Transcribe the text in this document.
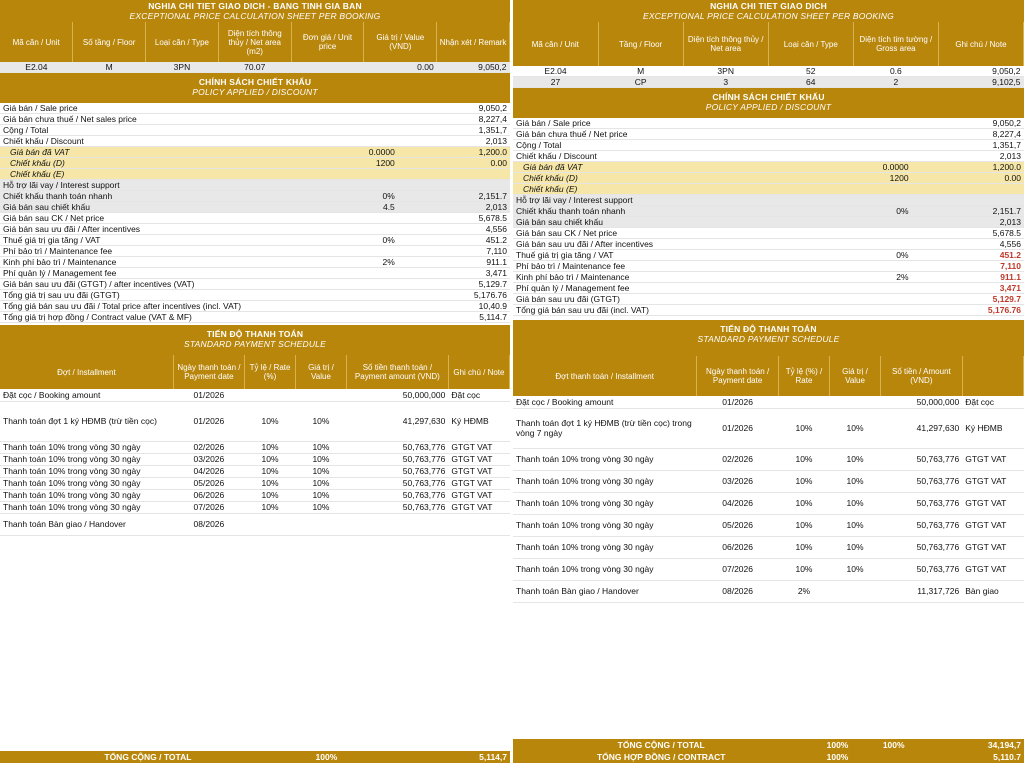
NGHIA CHI TIET GIAO DICH - BANG TINH GIA BAN
EXCEPTIONAL PRICE CALCULATION SHEET PER BOOKING
Mã căn / Unit	Số tầng / Floor	Loại căn / Type	Diện tích thông thủy / Net area (m2)	Đơn giá / Unit price	Giá trị / Value (VND)	Nhận xét / Remark
E2.04	M	3PN	70.07		0.00	9,050,2
CHÍNH SÁCH CHIẾT KHẤU
POLICY APPLIED / DISCOUNT
Giá bán / Sale price		9,050,2
Giá bán chưa thuế / Net sales price		8,227,4
Cộng / Total		1,351,7
Chiết khấu / Discount		2,013
Giá bán đã VAT	0.0000	1,200.0
Chiết khấu (D)	1200	0.00
Chiết khấu (E)		
Hỗ trợ lãi vay / Interest support		
Chiết khấu thanh toán nhanh	0%	2,151.7
Giá bán sau chiết khấu	4.5	2,013
Giá bán sau CK / Net price		5,678.5
Giá bán sau ưu đãi / After incentives		4,556
Thuế giá trị gia tăng / VAT	0%	451.2
Phí bảo trì / Maintenance fee		7,110
Kinh phí bảo trì / Maintenance	2%	911.1
Phí quản lý / Management fee		3,471
Giá bán sau ưu đãi (GTGT) / after incentives (VAT)		5,129.7
Tổng giá trị sau ưu đãi (GTGT)		5,176.76
Tổng giá bán sau ưu đãi / Total price after incentives (incl. VAT)		10,40.9
Tổng giá trị hợp đồng / Contract value (VAT & MF)		5,114.7
TIẾN ĐỘ THANH TOÁN
STANDARD PAYMENT SCHEDULE
Đợt / Installment	Ngày thanh toán / Payment date	Tỷ lệ / Rate (%)	Giá trị / Value	Số tiền thanh toán / Payment amount (VND)	Ghi chú / Note
Đặt cọc / Booking amount	01/2026			50,000,000	Đặt cọc
Thanh toán đợt 1 ký HĐMB (trừ tiền cọc)	01/2026	10%	10%	41,297,630	Ký HĐMB
Thanh toán 10% trong vòng 30 ngày	02/2026	10%	10%	50,763,776	GTGT VAT
Thanh toán 10% trong vòng 30 ngày	03/2026	10%	10%	50,763,776	GTGT VAT
Thanh toán 10% trong vòng 30 ngày	04/2026	10%	10%	50,763,776	GTGT VAT
Thanh toán 10% trong vòng 30 ngày	05/2026	10%	10%	50,763,776	GTGT VAT
Thanh toán 10% trong vòng 30 ngày	06/2026	10%	10%	50,763,776	GTGT VAT
Thanh toán 10% trong vòng 30 ngày	07/2026	10%	10%	50,763,776	GTGT VAT
Thanh toán Bàn giao / Handover	08/2026				
TỔNG CỘNG / TOTAL	100%	5,114,7
NGHIA CHI TIET GIAO DICH
EXCEPTIONAL PRICE CALCULATION SHEET PER BOOKING
Mã căn / Unit	Tầng / Floor	Diện tích thông thủy / Net area	Loại căn / Type	Diện tích tim tường / Gross area	Ghi chú / Note
E2.04	M	3PN	52	0.6	9,050,2
27	CP	3	64	2	9,102,5
CHÍNH SÁCH CHIẾT KHẤU
POLICY APPLIED / DISCOUNT
Giá bán / Sale price		9,050,2
Giá bán chưa thuế / Net price		8,227,4
Cộng / Total		1,351,7
Chiết khấu / Discount		2,013
Giá bán đã VAT	0.0000	1,200.0
Chiết khấu (D)	1200	0.00
Chiết khấu (E)		
Hỗ trợ lãi vay / Interest support		
Chiết khấu thanh toán nhanh	0%	2,151.7
Giá bán sau chiết khấu		2,013
Giá bán sau CK / Net price		5,678.5
Giá bán sau ưu đãi / After incentives		4,556
Thuế giá trị gia tăng / VAT	0%	451.2
Phí bảo trì / Maintenance fee		7,110
Kinh phí bảo trì / Maintenance	2%	911.1
Phí quản lý / Management fee		3,471
Giá bán sau ưu đãi (GTGT)		5,129.7
Tổng giá bán sau ưu đãi (incl. VAT)		5,176.76
TIẾN ĐỘ THANH TOÁN
STANDARD PAYMENT SCHEDULE
Đợt thanh toán / Installment	Ngày thanh toán / Payment date	Tỷ lệ (%) / Rate	Giá trị / Value	Số tiền / Amount (VND)	
Đặt cọc / Booking amount	01/2026			50,000,000	Đặt cọc
Thanh toán đợt 1 ký HĐMB (trừ tiền cọc) trong vòng 7 ngày	01/2026	10%	10%	41,297,630	Ký HĐMB
Thanh toán 10% trong vòng 30 ngày	02/2026	10%	10%	50,763,776	GTGT VAT
Thanh toán 10% trong vòng 30 ngày	03/2026	10%	10%	50,763,776	GTGT VAT
Thanh toán 10% trong vòng 30 ngày	04/2026	10%	10%	50,763,776	GTGT VAT
Thanh toán 10% trong vòng 30 ngày	05/2026	10%	10%	50,763,776	GTGT VAT
Thanh toán 10% trong vòng 30 ngày	06/2026	10%	10%	50,763,776	GTGT VAT
Thanh toán 10% trong vòng 30 ngày	07/2026	10%	10%	50,763,776	GTGT VAT
Thanh toán Bàn giao / Handover	08/2026	2%		11,317,726	Bàn giao
TỔNG CỘNG / TOTAL	100%	100%	34,194,7
TỔNG HỢP ĐỒNG / CONTRACT	100%		5,110.7
